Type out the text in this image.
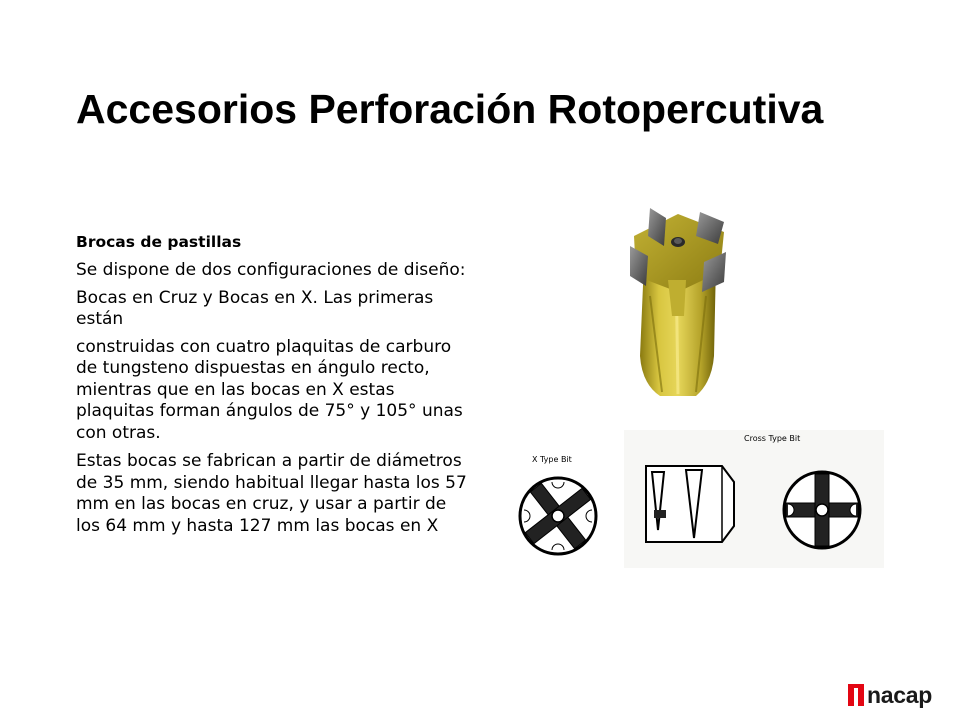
Accesorios Perforación Rotopercutiva
Brocas de pastillas

Se dispone de dos configuraciones de diseño:

Bocas en Cruz y Bocas en X. Las primeras están

construidas con cuatro plaquitas de carburo de tungsteno dispuestas en ángulo recto, mientras que en las bocas en X estas plaquitas forman ángulos de 75° y 105° unas con otras.

Estas bocas se fabrican a partir de diámetros de 35 mm, siendo habitual llegar hasta los 57 mm en las bocas en cruz, y usar a partir de los 64 mm y hasta 127 mm las bocas en X

X Type Bit
Cross Type Bit
nacap
